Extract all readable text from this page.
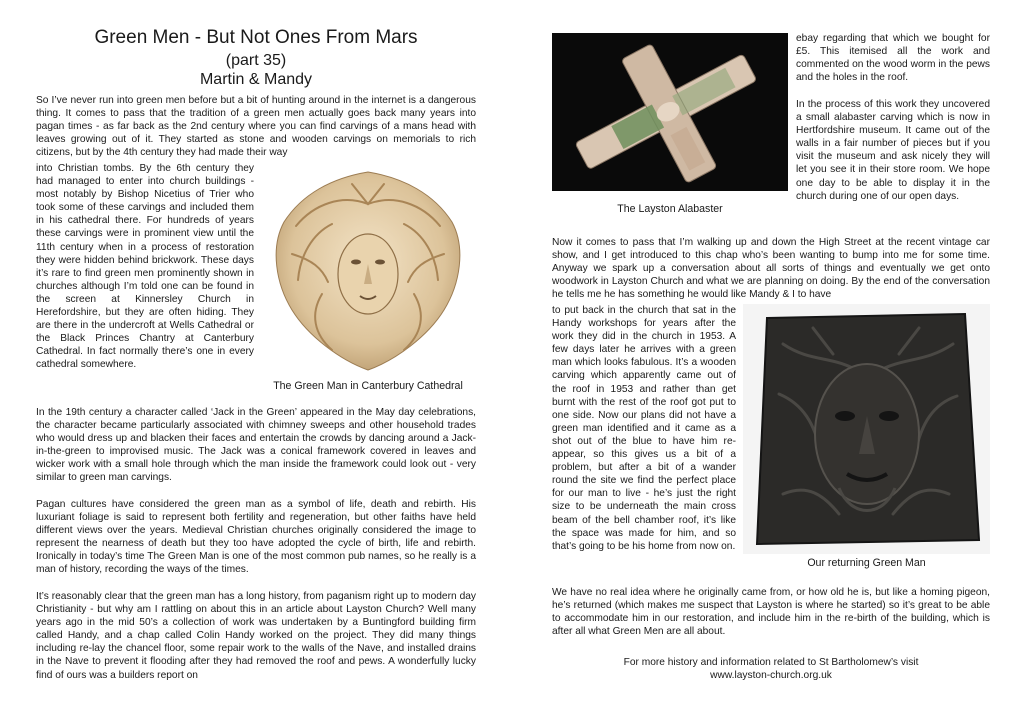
Green Men - But Not Ones From Mars

(part 35)

Martin & Mandy

So I’ve never run into green men before but a bit of hunting around in the internet is a dangerous thing. It comes to pass that the tradition of a green men actually goes back many years into pagan times - as far back as the 2nd century where you can find carvings of a mans head with leaves growing out of it. They started as stone and wooden carvings on memorials to rich citizens, but by the 4th century they had made their way

into Christian tombs. By the 6th century they had managed to enter into church buildings - most notably by Bishop Nicetius of Trier who took some of these carvings and included them in his cathedral there. For hundreds of years these carvings were in prominent view until the 11th century when in a process of restoration they were hidden behind brickwork. These days it’s rare to find green men prominently shown in churches although I’m told one can be found in the screen at Kinnersley Church in Herefordshire, but they are often hiding. They are there in the undercroft at Wells Cathedral or the Black Princes Chantry at Canterbury Cathedral. In fact normally there’s one in every cathedral somewhere.

The Green Man in Canterbury Cathedral

In the 19th century a character called ‘Jack in the Green’ appeared in the May day celebrations, the character became particularly associated with chimney sweeps and other household trades who would dress up and blacken their faces and entertain the crowds by dancing around a Jack-in-the-green to improvised music. The Jack was a conical framework covered in leaves and wicker work with a small hole through which the man inside the framework could look out - very similar to green man carvings.

Pagan cultures have considered the green man as a symbol of life, death and rebirth. His luxuriant foliage is said to represent both fertility and regeneration, but other faiths have held different views over the years. Medieval Christian churches originally considered the image to represent the nearness of death but they too have adopted the cycle of birth, life and rebirth. Ironically in today’s time The Green Man is one of the most common pub names, so he really is a man of history, recording the ways of the times.

It’s reasonably clear that the green man has a long history, from paganism right up to modern day Christianity - but why am I rattling on about this in an article about Layston Church? Well many years ago in the mid 50’s a collection of work was undertaken by a Buntingford building firm called Handy, and a chap called Colin Handy worked on the project. They did many things including re-lay the chancel floor, some repair work to the walls of the Nave, and installed drains in the Nave to prevent it flooding after they had removed the roof and pews. A wonderfully lucky find of ours was a builders report on

The Layston Alabaster

ebay regarding that which we bought for £5. This itemised all the work and commented on the wood worm in the pews and the holes in the roof.

In the process of this work they uncovered a small alabaster carving which is now in Hertfordshire museum. It came out of the walls in a fair number of pieces but if you visit the museum and ask nicely they will let you see it in their store room. We hope one day to be able to display it in the church during one of our open days.

Now it comes to pass that I’m walking up and down the High Street at the recent vintage car show, and I get introduced to this chap who’s been wanting to bump into me for some time. Anyway we spark up a conversation about all sorts of things and eventually we get onto woodwork in Layston Church and what we are planning on doing. By the end of the conversation he tells me he has something he would like Mandy & I to have

to put back in the church that sat in the Handy workshops for years after the work they did in the church in 1953. A few days later he arrives with a green man which looks fabulous. It’s a wooden carving which apparently came out of the roof in 1953 and rather than get burnt with the rest of the roof got put to one side. Now our plans did not have a green man identified and it came as a shot out of the blue to have him re-appear, so this gives us a bit of a problem, but after a bit of a wander round the site we find the perfect place for our man to live - he’s just the right size to be underneath the main cross beam of the bell chamber roof, it’s like the space was made for him, and so that’s going to be his home from now on.

Our returning Green Man

We have no real idea where he originally came from, or how old he is, but like a homing pigeon, he’s returned (which makes me suspect that Layston is where he started) so it’s great to be able to accommodate him in our restoration, and include him in the re-birth of the building, which is after all what Green Men are all about.

For more history and information related to St Bartholomew’s visit

www.layston-church.org.uk
